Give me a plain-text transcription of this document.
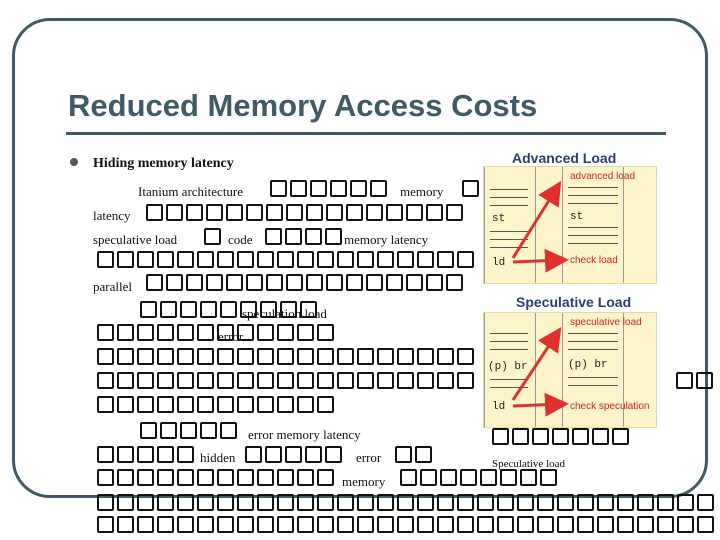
Reduced Memory Access Costs
Hiding memory latency
Itanium architecture	memory
latency
speculative load	code	memory latency
parallel
speculation load
error
error memory latency
hidden	error
memory
Advanced Load
st
ld
advanced load
st
check load
Speculative Load
(p) br
ld
speculative load
(p) br
check speculation
Speculative load
